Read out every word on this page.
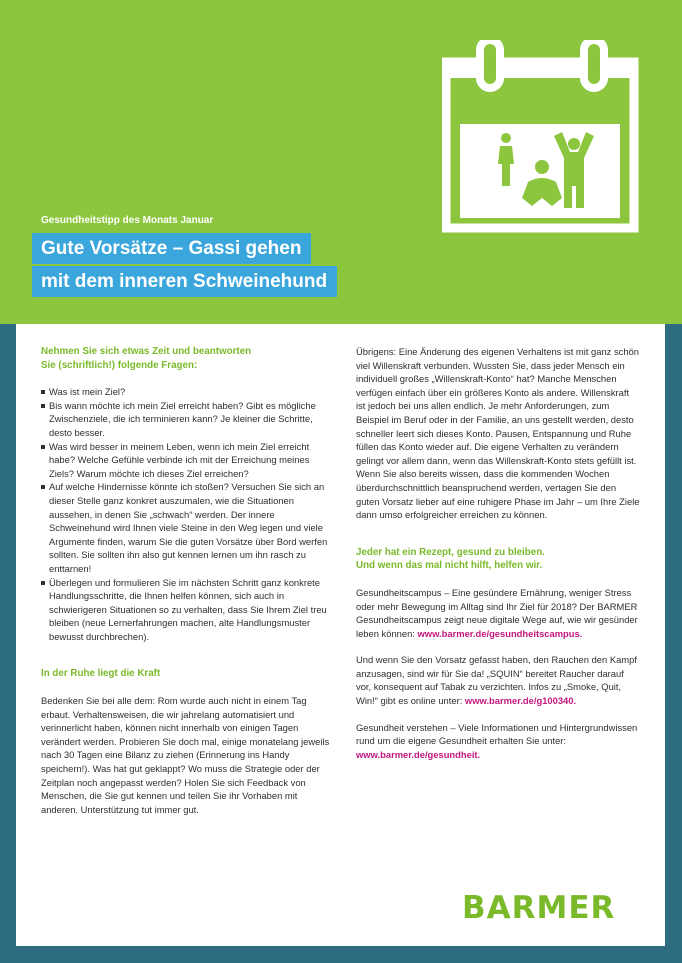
Gesundheitstipp des Monats Januar
Gute Vorsätze – Gassi gehen
mit dem inneren Schweinehund
Nehmen Sie sich etwas Zeit und beantworten
Sie (schriftlich!) folgende Fragen:
Was ist mein Ziel?
Bis wann möchte ich mein Ziel erreicht haben? Gibt es mögliche Zwischenziele, die ich terminieren kann? Je kleiner die Schritte, desto besser.
Was wird besser in meinem Leben, wenn ich mein Ziel erreicht habe? Welche Gefühle verbinde ich mit der Erreichung meines Ziels? Warum möchte ich dieses Ziel erreichen?
Auf welche Hindernisse könnte ich stoßen? Versuchen Sie sich an dieser Stelle ganz konkret auszumalen, wie die Situationen aussehen, in denen Sie „schwach“ werden. Der innere Schweinehund wird Ihnen viele Steine in den Weg legen und viele Argumente finden, warum Sie die guten Vorsätze über Bord werfen sollten. Sie sollten ihn also gut kennen lernen um ihn rasch zu enttarnen!
Überlegen und formulieren Sie im nächsten Schritt ganz konkrete Handlungsschritte, die Ihnen helfen können, sich auch in schwierigeren Situationen so zu verhalten, dass Sie Ihrem Ziel treu bleiben (neue Lernerfahrungen machen, alte Handlungsmuster bewusst durchbrechen).
In der Ruhe liegt die Kraft

Bedenken Sie bei alle dem: Rom wurde auch nicht in einem Tag erbaut. Verhaltensweisen, die wir jahrelang automatisiert und verinnerlicht haben, können nicht innerhalb von einigen Tagen verändert werden. Probieren Sie doch mal, einige monatelang jeweils nach 30 Tagen eine Bilanz zu ziehen (Erinnerung ins Handy speichern!). Was hat gut geklappt? Wo muss die Strategie oder der Zeitplan noch angepasst werden? Holen Sie sich Feedback von Menschen, die Sie gut kennen und teilen Sie ihr Vorhaben mit anderen. Unterstützung tut immer gut.

Übrigens: Eine Änderung des eigenen Verhaltens ist mit ganz schön viel Willenskraft verbunden. Wussten Sie, dass jeder Mensch ein individuell großes „Willenskraft-Konto“ hat? Manche Menschen verfügen einfach über ein größeres Konto als andere. Willenskraft ist jedoch bei uns allen endlich. Je mehr Anforderungen, zum Beispiel im Beruf oder in der Familie, an uns gestellt werden, desto schneller leert sich dieses Konto. Pausen, Entspannung und Ruhe füllen das Konto wieder auf. Die eigene Verhalten zu verändern gelingt vor allem dann, wenn das Willenskraft-Konto stets gefüllt ist. Wenn Sie also bereits wissen, dass die kommenden Wochen überdurchschnittlich beanspruchend werden, vertagen Sie den guten Vorsatz lieber auf eine ruhigere Phase im Jahr – um Ihre Ziele dann umso erfolgreicher erreichen zu können.

Jeder hat ein Rezept, gesund zu bleiben.
Und wenn das mal nicht hilft, helfen wir.

Gesundheitscampus – Eine gesündere Ernährung, weniger Stress oder mehr Bewegung im Alltag sind Ihr Ziel für 2018? Der BARMER Gesundheitscampus zeigt neue digitale Wege auf, wie wir gesünder leben können: www.barmer.de/gesundheitscampus.

Und wenn Sie den Vorsatz gefasst haben, den Rauchen den Kampf anzusagen, sind wir für Sie da! „SQUIN“ bereitet Raucher darauf vor, konsequent auf Tabak zu verzichten. Infos zu „Smoke, Quit, Win!“ gibt es online unter: www.barmer.de/g100340.

Gesundheit verstehen – Viele Informationen und Hintergrundwissen rund um die eigene Gesundheit erhalten Sie unter: www.barmer.de/gesundheit.

BARMER
